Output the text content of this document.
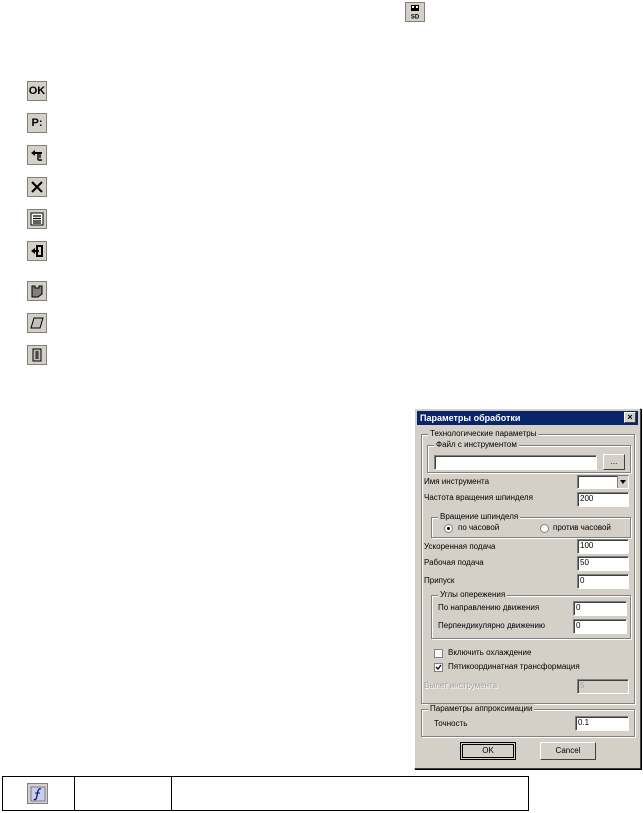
SD
OK
P:
Параметры обработки	×
Технологические параметры
Файл с инструментом
...
Имя инструмента
Частота вращения шпинделя	200
Вращение шпинделя
по часовой	против часовой
Ускоренная подача	100
Рабочая подача	50
Припуск	0
Углы опережения
По направлению движения	0
Перпендикулярно движению	0
Включить охлаждение
Пятикоординатная трансформация
Вылет инструмента	5
Параметры аппроксимации
Точность	0.1
OK	Cancel
